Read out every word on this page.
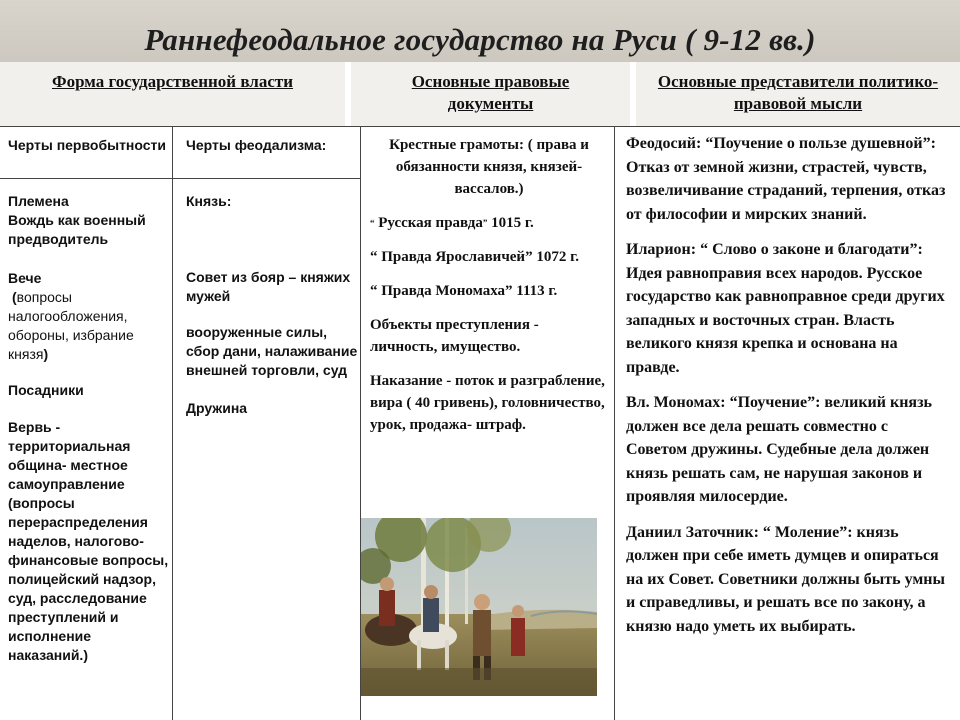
Раннефеодальное государство на Руси ( 9-12 вв.)
Форма государственной власти	Основные правовые документы
Основные представители политико-правовой мысли
Черты первобытности Черты феодализма:
Племена
Вождь как военный предводитель
Вече
(вопросы налогообложения, обороны, избрание князя)
Посадники
Вервь - территориальная община- местное самоуправление (вопросы перераспределения наделов, налогово-финансовые вопросы, полицейский надзор, суд, расследование преступлений и исполнение наказаний.)
Князь:
Совет из бояр – княжих мужей
вооруженные силы, сбор дани, налаживание внешней торговли, суд
Дружина

Крестные грамоты: ( права и обязанности князя, князей-вассалов.)

“ Русская правда” 1015 г.

“ Правда Ярославичей” 1072 г.

“ Правда Мономаха” 1113 г.

Объекты преступления - личность, имущество.

Наказание - поток и разграбление, вира ( 40 гривень), головничество, урок, продажа- штраф.

Феодосий: “Поучение о пользе душевной”: Отказ от земной жизни, страстей, чувств, возвеличивание страданий, терпения, отказ от философии и мирских знаний.

Иларион: “ Слово о законе и благодати”: Идея равноправия всех народов. Русское государство как равноправное среди других западных и восточных стран. Власть великого князя крепка и основана на правде.

Вл. Мономах: “Поучение”: великий князь должен все дела решать совместно с Советом дружины. Судебные дела должен князь решать сам, не нарушая законов и проявляя милосердие.

Даниил Заточник: “ Моление”: князь должен при себе иметь думцев и опираться на их Совет. Советники должны быть умны и справедливы, и решать все по закону, а князю надо уметь их выбирать.
